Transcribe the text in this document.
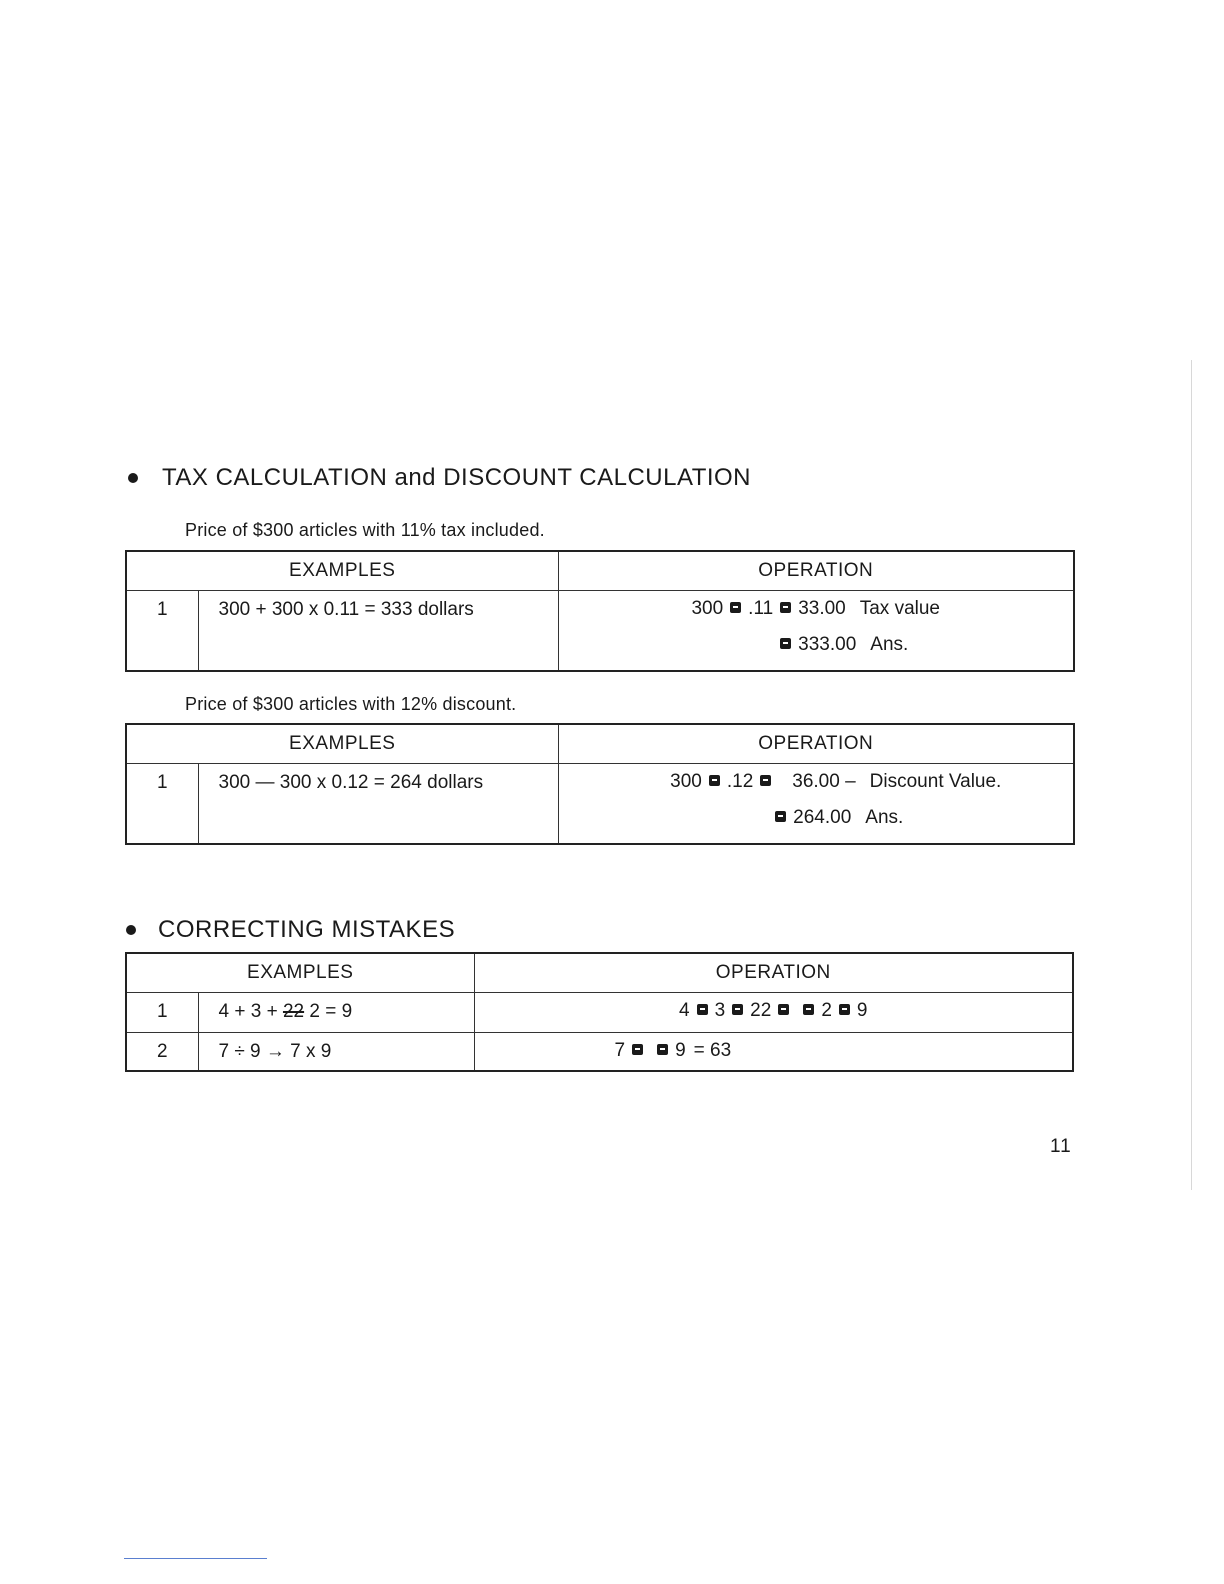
TAX CALCULATION and DISCOUNT CALCULATION
Price of $300 articles with 11% tax included.
EXAMPLES		OPERATION
1	300 + 300 x 0.11 = 333 dollars	300 .11 33.00 Tax value
333.00 Ans.
Price of $300 articles with 12% discount.
EXAMPLES		OPERATION
1	300 — 300 x 0.12 = 264 dollars	300 .12 36.00 – Discount Value.
264.00 Ans.
CORRECTING MISTAKES
EXAMPLES		OPERATION
1	4 + 3 + 22 2 = 9	4 3 22 2 9

2	7 ÷ 9 → 7 x 9	7 9 = 63
11
